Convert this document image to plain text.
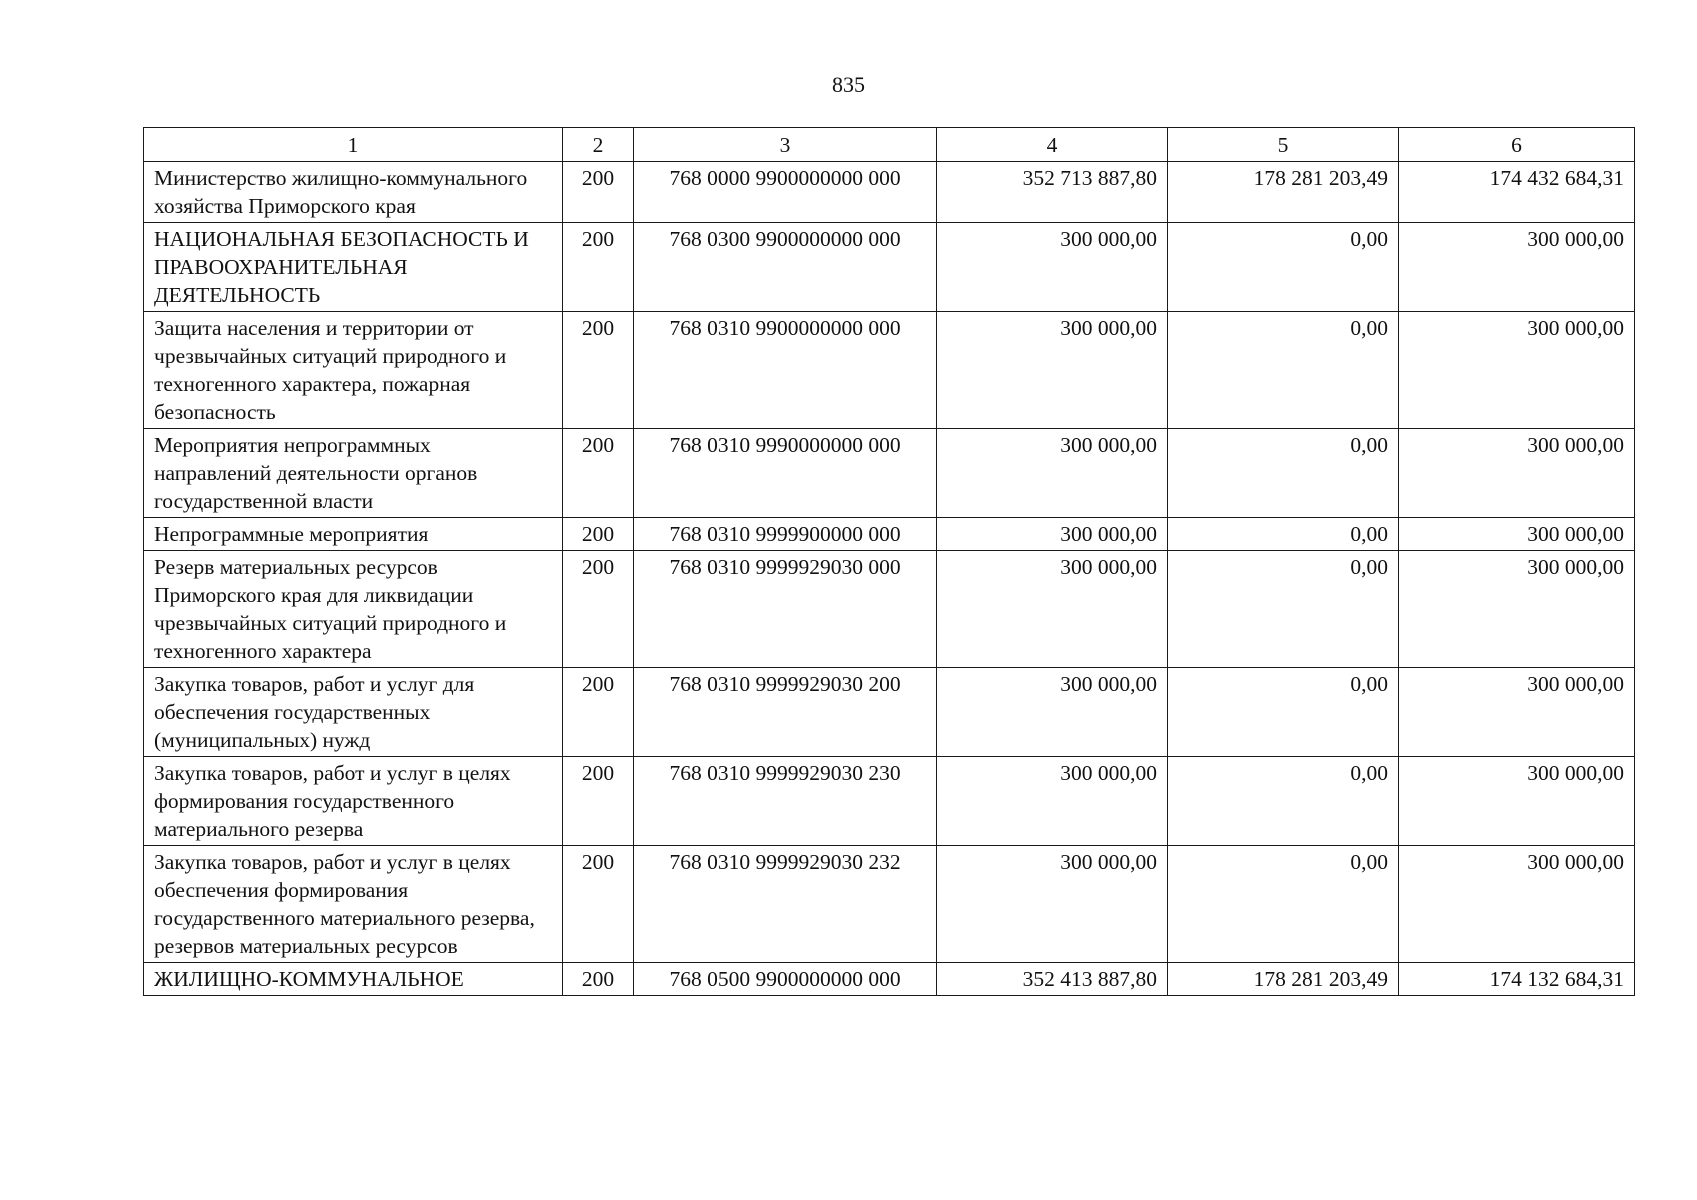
835
1	2	3	4	5	6
Министерство жилищно-коммунального хозяйства Приморского края	200	768 0000 9900000000 000	352 713 887,80	178 281 203,49	174 432 684,31
НАЦИОНАЛЬНАЯ БЕЗОПАСНОСТЬ И ПРАВООХРАНИТЕЛЬНАЯ ДЕЯТЕЛЬНОСТЬ	200	768 0300 9900000000 000	300 000,00	0,00	300 000,00
Защита населения и территории от чрезвычайных ситуаций природного и техногенного характера, пожарная безопасность	200	768 0310 9900000000 000	300 000,00	0,00	300 000,00
Мероприятия непрограммных направлений деятельности органов государственной власти	200	768 0310 9990000000 000	300 000,00	0,00	300 000,00
Непрограммные мероприятия	200	768 0310 9999900000 000	300 000,00	0,00	300 000,00
Резерв материальных ресурсов Приморского края для ликвидации чрезвычайных ситуаций природного и техногенного характера	200	768 0310 9999929030 000	300 000,00	0,00	300 000,00
Закупка товаров, работ и услуг для обеспечения государственных (муниципальных) нужд	200	768 0310 9999929030 200	300 000,00	0,00	300 000,00
Закупка товаров, работ и услуг в целях формирования государственного материального резерва	200	768 0310 9999929030 230	300 000,00	0,00	300 000,00
Закупка товаров, работ и услуг в целях обеспечения формирования государственного материального резерва, резервов материальных ресурсов	200	768 0310 9999929030 232	300 000,00	0,00	300 000,00
ЖИЛИЩНО-КОММУНАЛЬНОЕ	200	768 0500 9900000000 000	352 413 887,80	178 281 203,49	174 132 684,31
